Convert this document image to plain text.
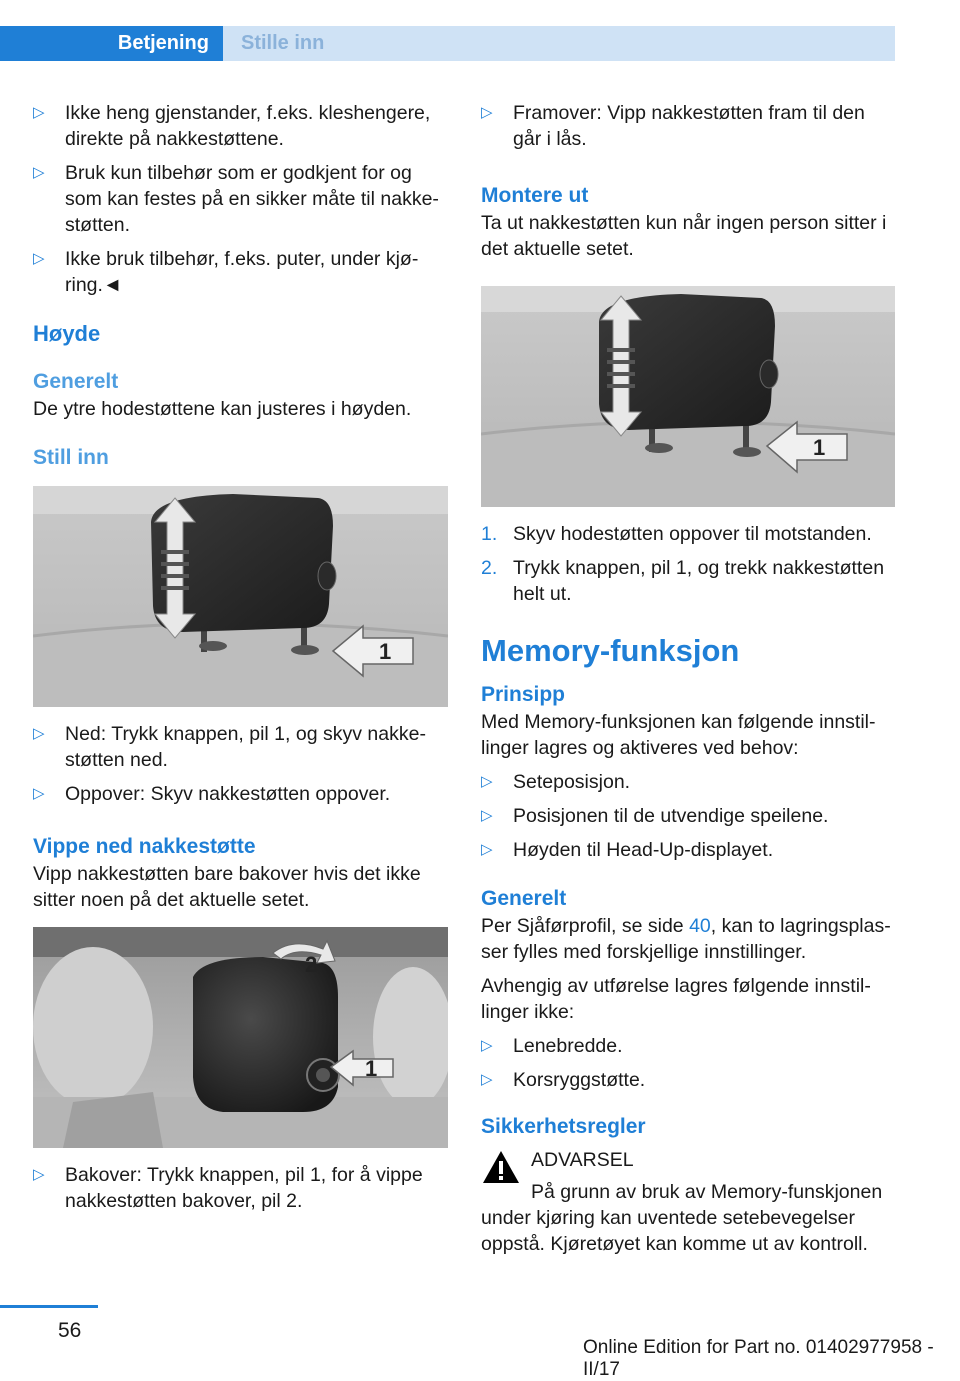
Betjening	Stille inn
▷	Ikke heng gjenstander, f.eks. kleshengere, direkte på nakkestøttene.
▷	Bruk kun tilbehør som er godkjent for og som kan festes på en sikker måte til nakkestøtten.
▷	Ikke bruk tilbehør, f.eks. puter, under kjøring.◄
Høyde
Generelt

De ytre hodestøttene kan justeres i høyden.

Still inn
1
▷	Ned: Trykk knappen, pil 1, og skyv nakkestøtten ned.
▷	Oppover: Skyv nakkestøtten oppover.
Vippe ned nakkestøtte

Vipp nakkestøtten bare bakover hvis det ikke sitter noen på det aktuelle setet.

2
1
▷	Bakover: Trykk knappen, pil 1, for å vippe nakkestøtten bakover, pil 2.
▷	Framover: Vipp nakkestøtten fram til den går i lås.
Montere ut

Ta ut nakkestøtten kun når ingen person sitter i det aktuelle setet.

1
1. Skyv hodestøtten oppover til motstanden.
2. Trykk knappen, pil 1, og trekk nakkestøtten helt ut.
Memory-funksjon
Prinsipp

Med Memory-funksjonen kan følgende innstillinger lagres og aktiveres ved behov:

▷	Seteposisjon.
▷	Posisjonen til de utvendige speilene.
▷	Høyden til Head-Up-displayet.
Generelt

Per Sjåførprofil, se side 40, kan to lagringsplasser fylles med forskjellige innstillinger.

Avhengig av utførelse lagres følgende innstillinger ikke:

▷	Lenebredde.
▷	Korsryggstøtte.
Sikkerhetsregler

ADVARSEL

På grunn av bruk av Memory-funskjonen

under kjøring kan uventede setebevegelser oppstå. Kjøretøyet kan komme ut av kontroll.

56
Online Edition for Part no. 01402977958 - II/17
